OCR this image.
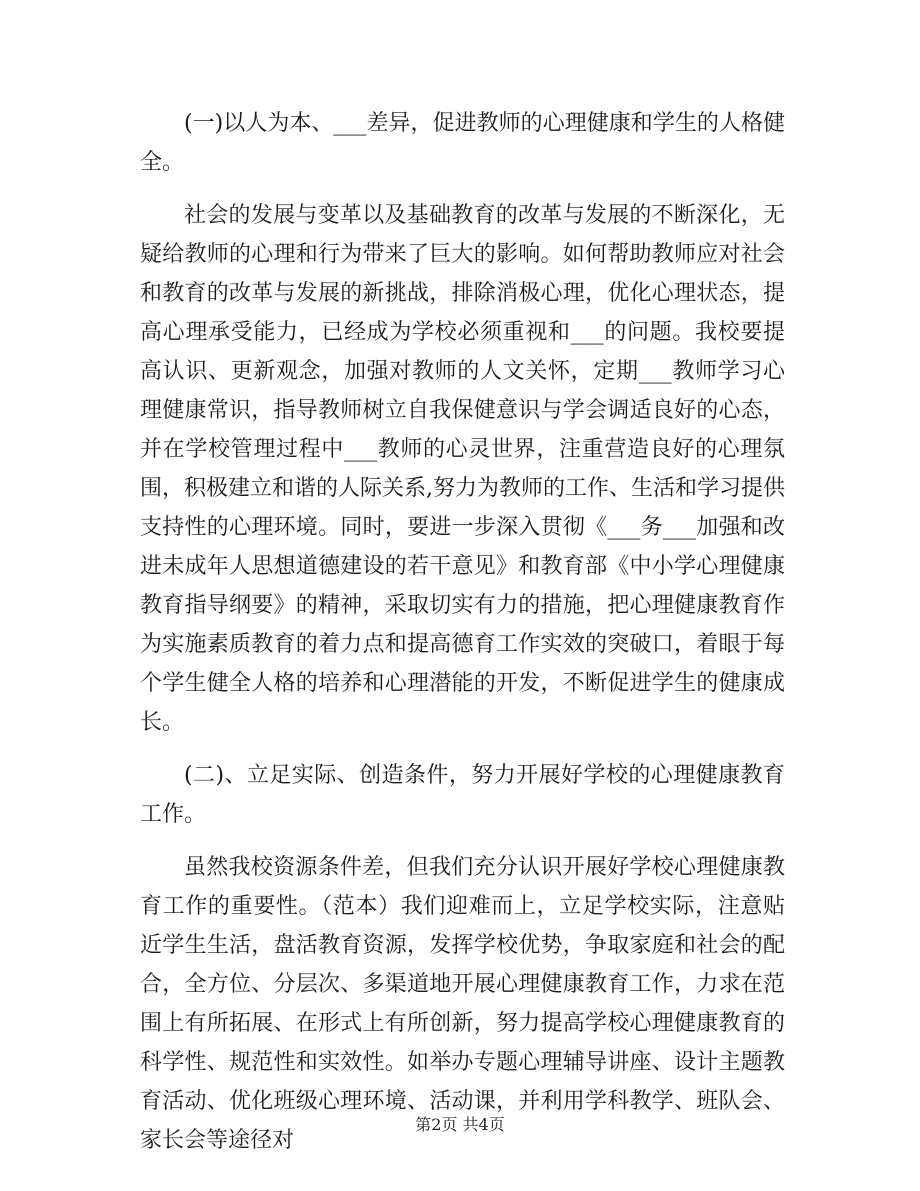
(一)以人为本、___差异，促进教师的心理健康和学生的人格健全。

社会的发展与变革以及基础教育的改革与发展的不断深化，无疑给教师的心理和行为带来了巨大的影响。如何帮助教师应对社会和教育的改革与发展的新挑战，排除消极心理，优化心理状态，提高心理承受能力，已经成为学校必须重视和___的问题。我校要提高认识、更新观念，加强对教师的人文关怀，定期___教师学习心理健康常识，指导教师树立自我保健意识与学会调适良好的心态，并在学校管理过程中___教师的心灵世界，注重营造良好的心理氛围，积极建立和谐的人际关系,努力为教师的工作、生活和学习提供支持性的心理环境。同时，要进一步深入贯彻《___务___加强和改进未成年人思想道德建设的若干意见》和教育部《中小学心理健康教育指导纲要》的精神，采取切实有力的措施，把心理健康教育作为实施素质教育的着力点和提高德育工作实效的突破口，着眼于每个学生健全人格的培养和心理潜能的开发，不断促进学生的健康成长。

(二)、立足实际、创造条件，努力开展好学校的心理健康教育工作。

虽然我校资源条件差，但我们充分认识开展好学校心理健康教育工作的重要性。（范本）我们迎难而上，立足学校实际，注意贴近学生生活，盘活教育资源，发挥学校优势，争取家庭和社会的配合，全方位、分层次、多渠道地开展心理健康教育工作，力求在范围上有所拓展、在形式上有所创新，努力提高学校心理健康教育的科学性、规范性和实效性。如举办专题心理辅导讲座、设计主题教育活动、优化班级心理环境、活动课，并利用学科教学、班队会、家长会等途径对

第2页 共4页
